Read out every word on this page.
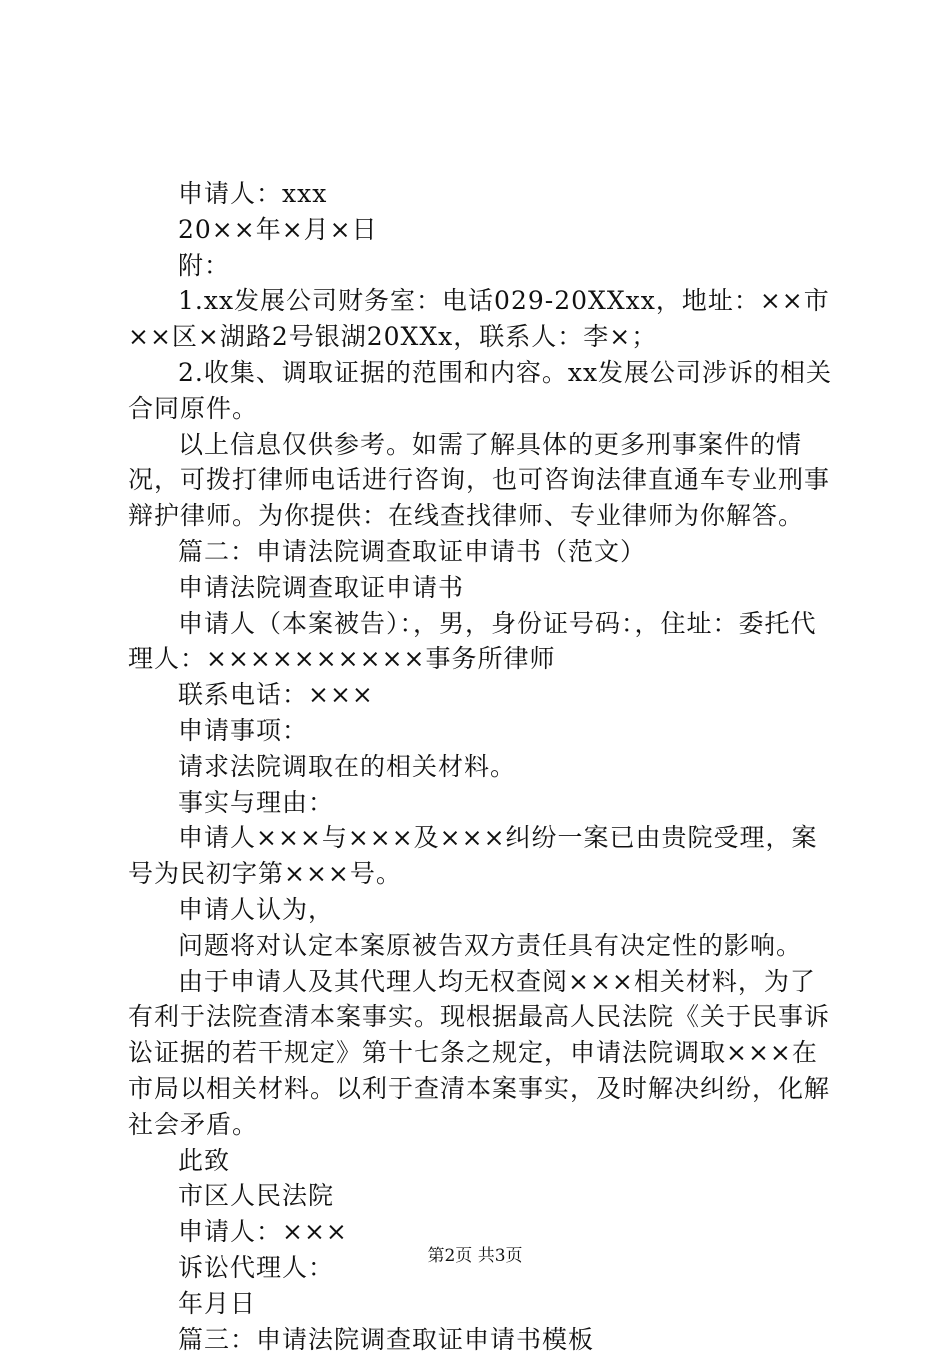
申请人：xxx

20××年×月×日

附：

1.xx发展公司财务室：电话029-20XXxx，地址：××市××区×湖路2号银湖20XXx，联系人：李×；

2.收集、调取证据的范围和内容。xx发展公司涉诉的相关合同原件。

以上信息仅供参考。如需了解具体的更多刑事案件的情况，可拨打律师电话进行咨询，也可咨询法律直通车专业刑事辩护律师。为你提供：在线查找律师、专业律师为你解答。

篇二：申请法院调查取证申请书（范文）

申请法院调查取证申请书

申请人（本案被告）：，男，身份证号码：，住址：委托代理人：××××××××××事务所律师

联系电话：×××

申请事项：

请求法院调取在的相关材料。

事实与理由：

申请人×××与×××及×××纠纷一案已由贵院受理，案号为民初字第×××号。

申请人认为，

问题将对认定本案原被告双方责任具有决定性的影响。

由于申请人及其代理人均无权查阅×××相关材料，为了有利于法院查清本案事实。现根据最高人民法院《关于民事诉讼证据的若干规定》第十七条之规定，申请法院调取×××在市局以相关材料。以利于查清本案事实，及时解决纠纷，化解社会矛盾。

此致

市区人民法院

申请人：×××

诉讼代理人：

年月日

篇三：申请法院调查取证申请书模板

第2页 共3页
